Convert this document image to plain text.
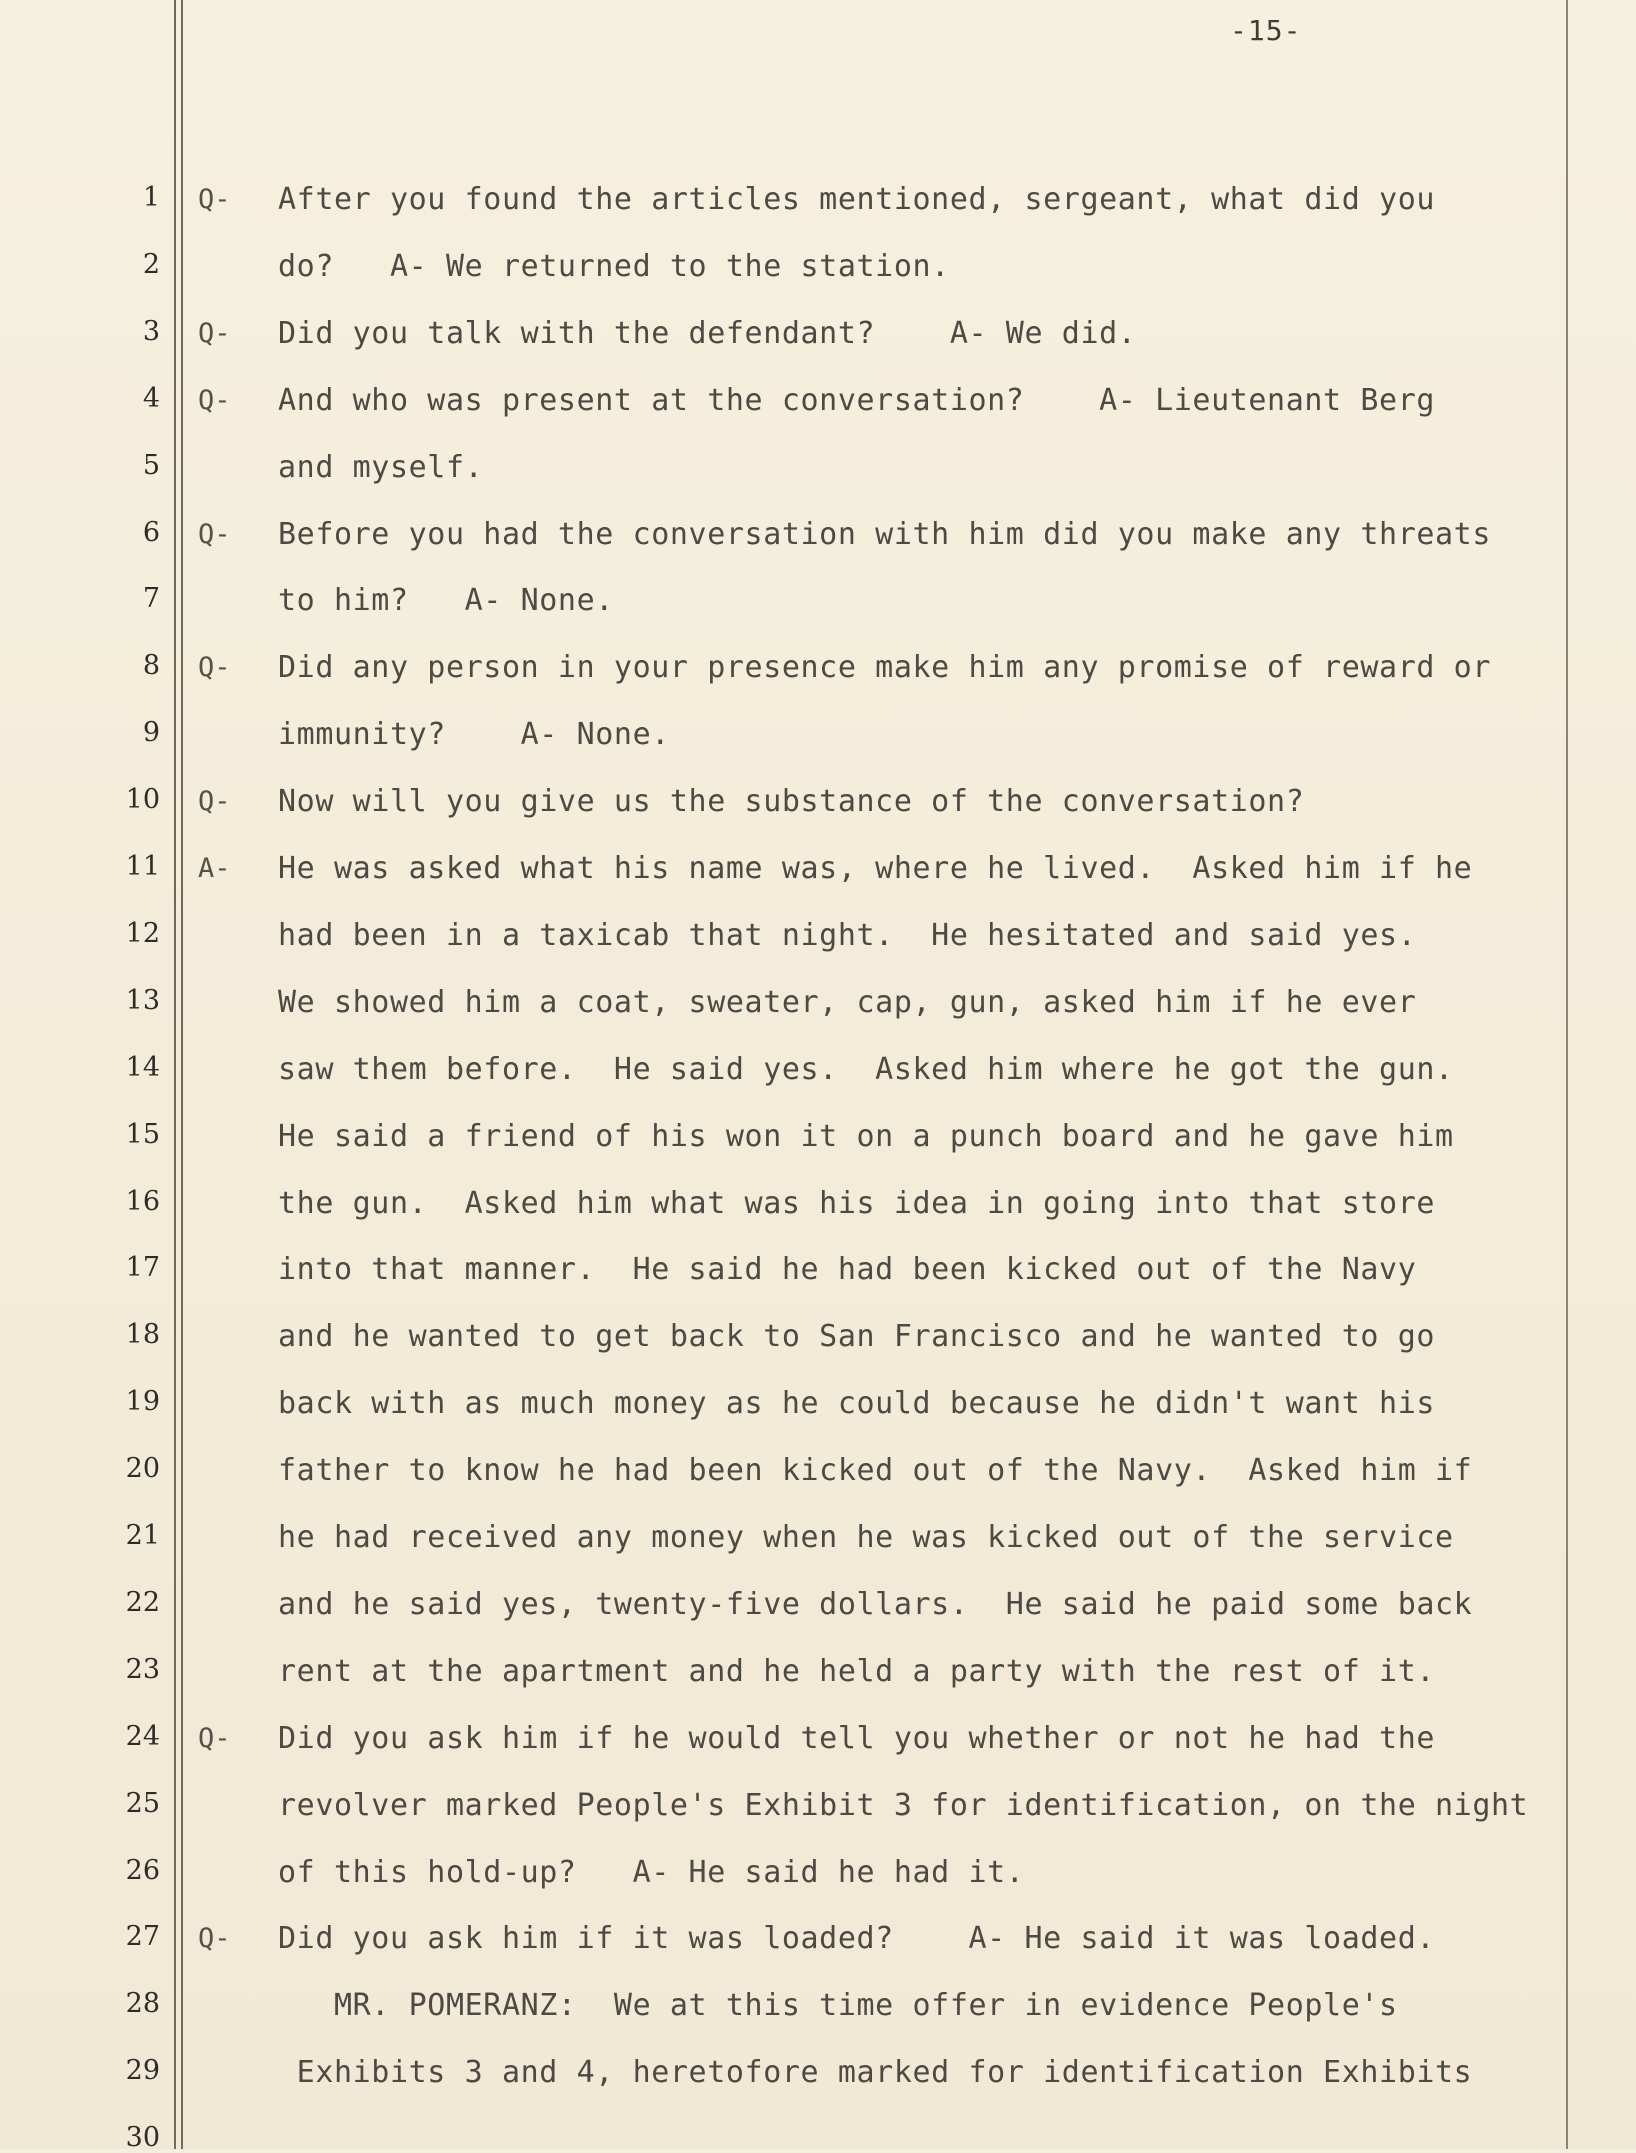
-15-
1 Q- After you found the articles mentioned, sergeant, what did you
2	do?   A- We returned to the station.
3 Q- Did you talk with the defendant?    A- We did.
4 Q- And who was present at the conversation?    A- Lieutenant Berg
5	and myself.
6 Q- Before you had the conversation with him did you make any threats
7	to him?   A- None.
8 Q- Did any person in your presence make him any promise of reward or
9	immunity?    A- None.
10 Q- Now will you give us the substance of the conversation?
11 A- He was asked what his name was, where he lived.  Asked him if he
12	had been in a taxicab that night.  He hesitated and said yes.
13	We showed him a coat, sweater, cap, gun, asked him if he ever
14	saw them before.  He said yes.  Asked him where he got the gun.
15	He said a friend of his won it on a punch board and he gave him
16	the gun.  Asked him what was his idea in going into that store
17	into that manner.  He said he had been kicked out of the Navy
18	and he wanted to get back to San Francisco and he wanted to go
19	back with as much money as he could because he didn't want his
20	father to know he had been kicked out of the Navy.  Asked him if
21	he had received any money when he was kicked out of the service
22	and he said yes, twenty-five dollars.  He said he paid some back
23	rent at the apartment and he held a party with the rest of it.
24 Q- Did you ask him if he would tell you whether or not he had the
25	revolver marked People's Exhibit 3 for identification, on the night
26	of this hold-up?   A- He said he had it.
27 Q- Did you ask him if it was loaded?    A- He said it was loaded.
28	MR. POMERANZ:  We at this time offer in evidence People's
29	Exhibits 3 and 4, heretofore marked for identification Exhibits
30
